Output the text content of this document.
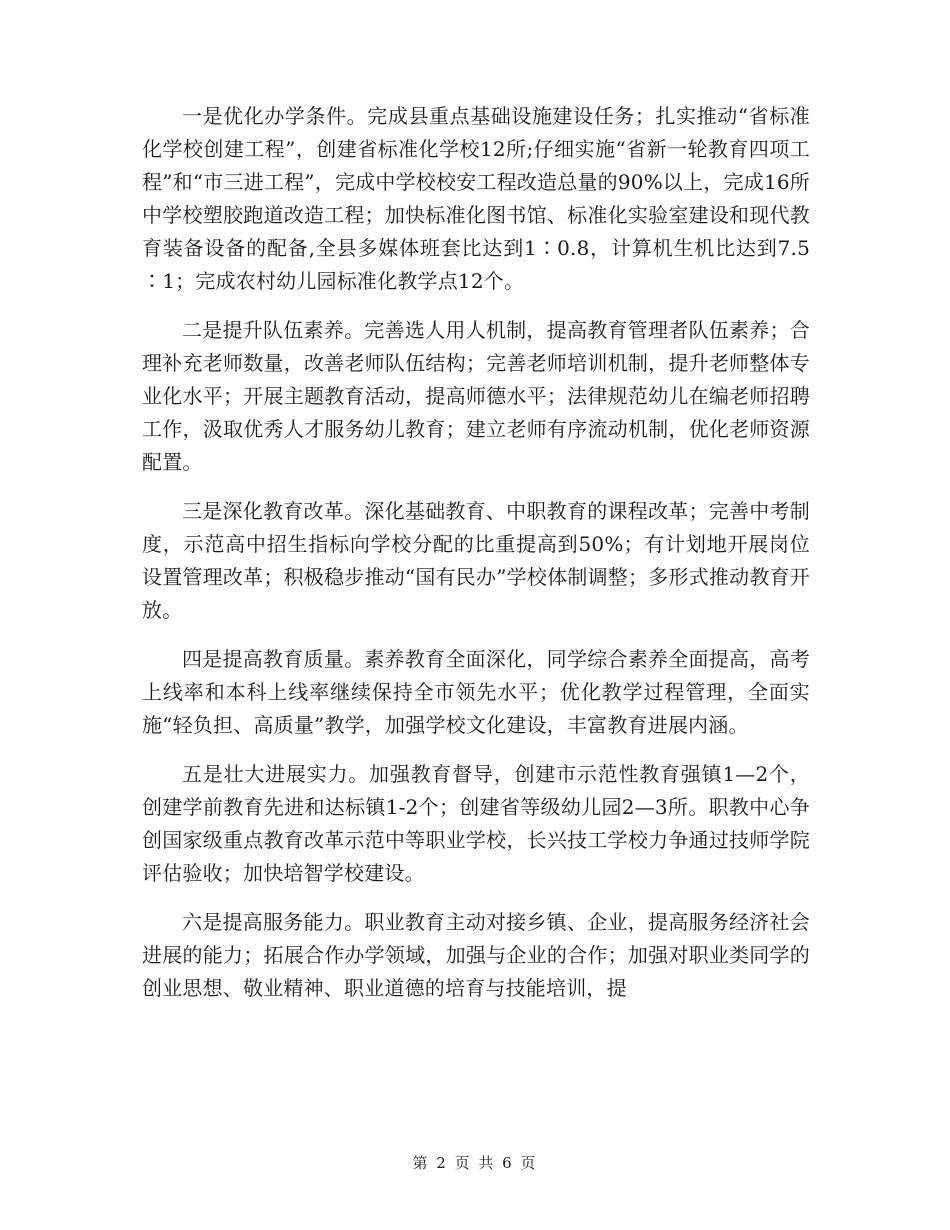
一是优化办学条件。完成县重点基础设施建设任务；扎实推动“省标准化学校创建工程”，创建省标准化学校12所;仔细实施“省新一轮教育四项工程”和“市三进工程”，完成中学校校安工程改造总量的90%以上，完成16所中学校塑胶跑道改造工程；加快标准化图书馆、标准化实验室建设和现代教育装备设备的配备,全县多媒体班套比达到1∶0.8，计算机生机比达到7.5∶1；完成农村幼儿园标准化教学点12个。

二是提升队伍素养。完善选人用人机制，提高教育管理者队伍素养；合理补充老师数量，改善老师队伍结构；完善老师培训机制，提升老师整体专业化水平；开展主题教育活动，提高师德水平；法律规范幼儿在编老师招聘工作，汲取优秀人才服务幼儿教育；建立老师有序流动机制，优化老师资源配置。

三是深化教育改革。深化基础教育、中职教育的课程改革；完善中考制度，示范高中招生指标向学校分配的比重提高到50%；有计划地开展岗位设置管理改革；积极稳步推动“国有民办”学校体制调整；多形式推动教育开放。

四是提高教育质量。素养教育全面深化，同学综合素养全面提高，高考上线率和本科上线率继续保持全市领先水平；优化教学过程管理，全面实施“轻负担、高质量”教学，加强学校文化建设，丰富教育进展内涵。

五是壮大进展实力。加强教育督导，创建市示范性教育强镇1—2个，创建学前教育先进和达标镇1-2个；创建省等级幼儿园2—3所。职教中心争创国家级重点教育改革示范中等职业学校，长兴技工学校力争通过技师学院评估验收；加快培智学校建设。

六是提高服务能力。职业教育主动对接乡镇、企业，提高服务经济社会进展的能力；拓展合作办学领域，加强与企业的合作；加强对职业类同学的创业思想、敬业精神、职业道德的培育与技能培训，提

第 2 页 共 6 页
